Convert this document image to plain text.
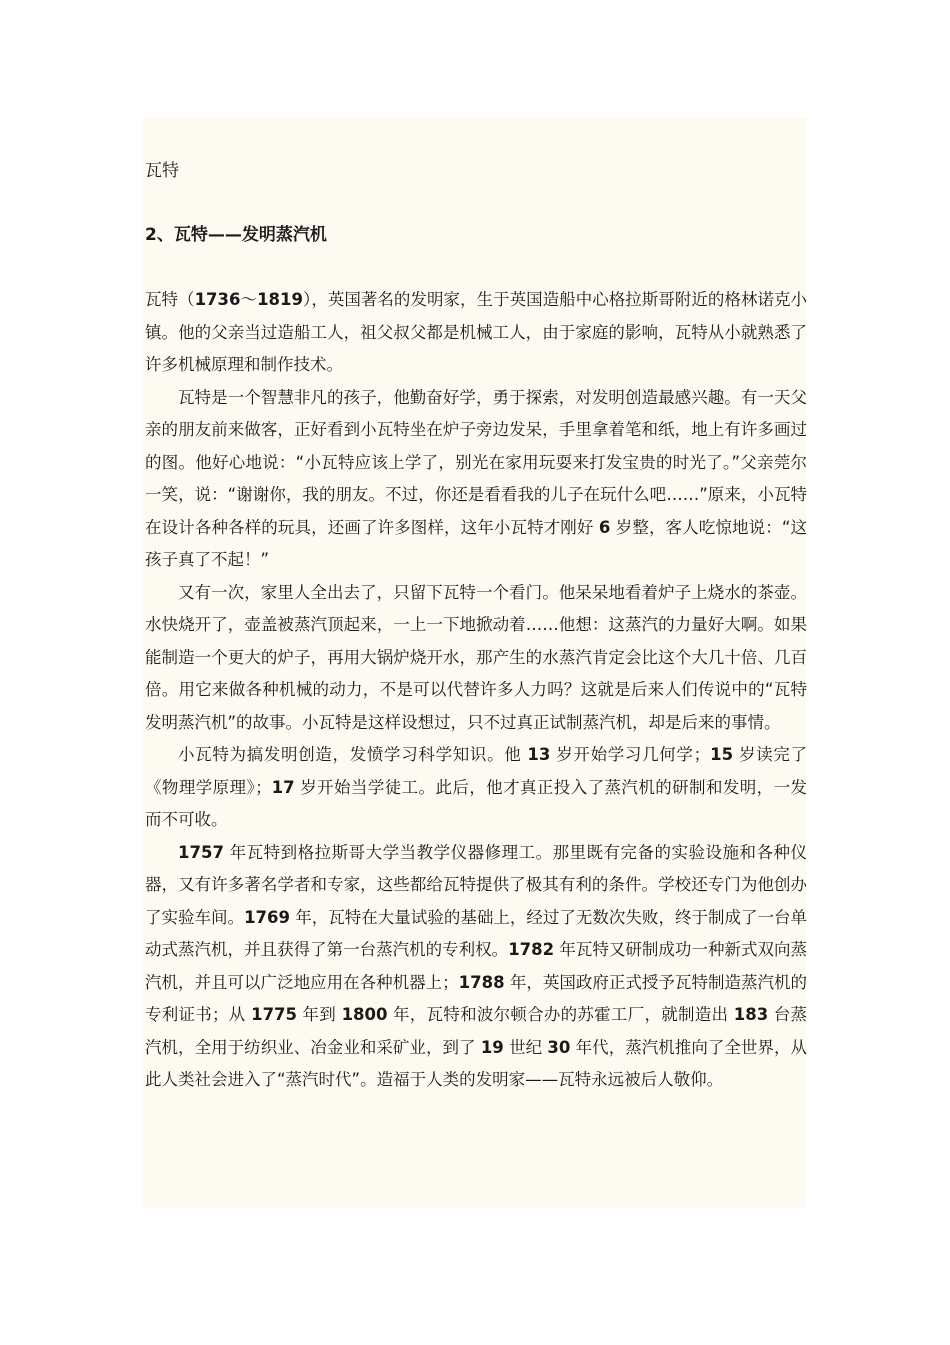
瓦特
2、瓦特——发明蒸汽机

瓦特（1736～1819），英国著名的发明家，生于英国造船中心格拉斯哥附近的格林诺克小镇。他的父亲当过造船工人，祖父叔父都是机械工人，由于家庭的影响，瓦特从小就熟悉了许多机械原理和制作技术。

瓦特是一个智慧非凡的孩子，他勤奋好学，勇于探索，对发明创造最感兴趣。有一天父亲的朋友前来做客，正好看到小瓦特坐在炉子旁边发呆，手里拿着笔和纸，地上有许多画过的图。他好心地说：“小瓦特应该上学了，别光在家用玩耍来打发宝贵的时光了。”父亲莞尔一笑，说：“谢谢你，我的朋友。不过，你还是看看我的儿子在玩什么吧……”原来，小瓦特在设计各种各样的玩具，还画了许多图样，这年小瓦特才刚好 6 岁整，客人吃惊地说：“这孩子真了不起！”

又有一次，家里人全出去了，只留下瓦特一个看门。他呆呆地看着炉子上烧水的茶壶。水快烧开了，壶盖被蒸汽顶起来，一上一下地掀动着……他想：这蒸汽的力量好大啊。如果能制造一个更大的炉子，再用大锅炉烧开水，那产生的水蒸汽肯定会比这个大几十倍、几百倍。用它来做各种机械的动力，不是可以代替许多人力吗？这就是后来人们传说中的“瓦特发明蒸汽机”的故事。小瓦特是这样设想过，只不过真正试制蒸汽机，却是后来的事情。

小瓦特为搞发明创造，发愤学习科学知识。他 13 岁开始学习几何学；15 岁读完了《物理学原理》；17 岁开始当学徒工。此后，他才真正投入了蒸汽机的研制和发明，一发而不可收。

1757 年瓦特到格拉斯哥大学当教学仪器修理工。那里既有完备的实验设施和各种仪器，又有许多著名学者和专家，这些都给瓦特提供了极其有利的条件。学校还专门为他创办了实验车间。1769 年，瓦特在大量试验的基础上，经过了无数次失败，终于制成了一台单动式蒸汽机，并且获得了第一台蒸汽机的专利权。1782 年瓦特又研制成功一种新式双向蒸汽机，并且可以广泛地应用在各种机器上；1788 年，英国政府正式授予瓦特制造蒸汽机的专利证书；从 1775 年到 1800 年，瓦特和波尔顿合办的苏霍工厂，就制造出 183 台蒸汽机，全用于纺织业、冶金业和采矿业，到了 19 世纪 30 年代，蒸汽机推向了全世界，从此人类社会进入了“蒸汽时代”。造福于人类的发明家——瓦特永远被后人敬仰。
